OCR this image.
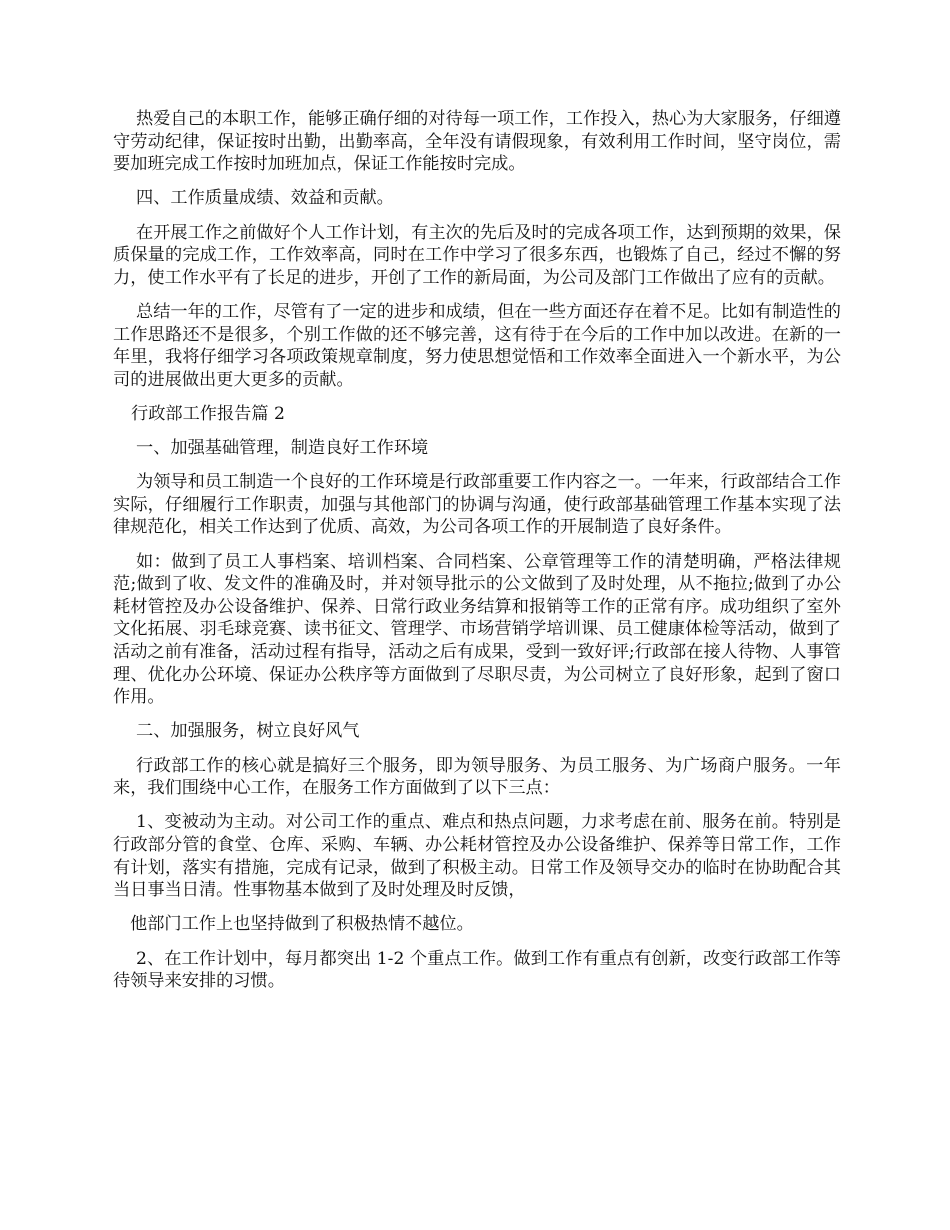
热爱自己的本职工作，能够正确仔细的对待每一项工作，工作投入，热心为大家服务，仔细遵守劳动纪律，保证按时出勤，出勤率高，全年没有请假现象，有效利用工作时间，坚守岗位，需要加班完成工作按时加班加点，保证工作能按时完成。

四、工作质量成绩、效益和贡献。

在开展工作之前做好个人工作计划，有主次的先后及时的完成各项工作，达到预期的效果，保质保量的完成工作，工作效率高，同时在工作中学习了很多东西，也锻炼了自己，经过不懈的努力，使工作水平有了长足的进步，开创了工作的新局面，为公司及部门工作做出了应有的贡献。

总结一年的工作，尽管有了一定的进步和成绩，但在一些方面还存在着不足。比如有制造性的工作思路还不是很多，个别工作做的还不够完善，这有待于在今后的工作中加以改进。在新的一年里，我将仔细学习各项政策规章制度，努力使思想觉悟和工作效率全面进入一个新水平，为公司的进展做出更大更多的贡献。

行政部工作报告篇 2

一、加强基础管理，制造良好工作环境

为领导和员工制造一个良好的工作环境是行政部重要工作内容之一。一年来，行政部结合工作实际，仔细履行工作职责，加强与其他部门的协调与沟通，使行政部基础管理工作基本实现了法律规范化，相关工作达到了优质、高效，为公司各项工作的开展制造了良好条件。

如：做到了员工人事档案、培训档案、合同档案、公章管理等工作的清楚明确，严格法律规范;做到了收、发文件的准确及时，并对领导批示的公文做到了及时处理，从不拖拉;做到了办公耗材管控及办公设备维护、保养、日常行政业务结算和报销等工作的正常有序。成功组织了室外文化拓展、羽毛球竞赛、读书征文、管理学、市场营销学培训课、员工健康体检等活动，做到了活动之前有准备，活动过程有指导，活动之后有成果，受到一致好评;行政部在接人待物、人事管理、优化办公环境、保证办公秩序等方面做到了尽职尽责，为公司树立了良好形象，起到了窗口作用。

二、加强服务，树立良好风气

行政部工作的核心就是搞好三个服务，即为领导服务、为员工服务、为广场商户服务。一年来，我们围绕中心工作，在服务工作方面做到了以下三点：

1、变被动为主动。对公司工作的重点、难点和热点问题，力求考虑在前、服务在前。特别是行政部分管的食堂、仓库、采购、车辆、办公耗材管控及办公设备维护、保养等日常工作，工作有计划，落实有措施，完成有记录，做到了积极主动。日常工作及领导交办的临时在协助配合其当日事当日清。性事物基本做到了及时处理及时反馈，

他部门工作上也坚持做到了积极热情不越位。

2、在工作计划中，每月都突出 1-2 个重点工作。做到工作有重点有创新，改变行政部工作等待领导来安排的习惯。
